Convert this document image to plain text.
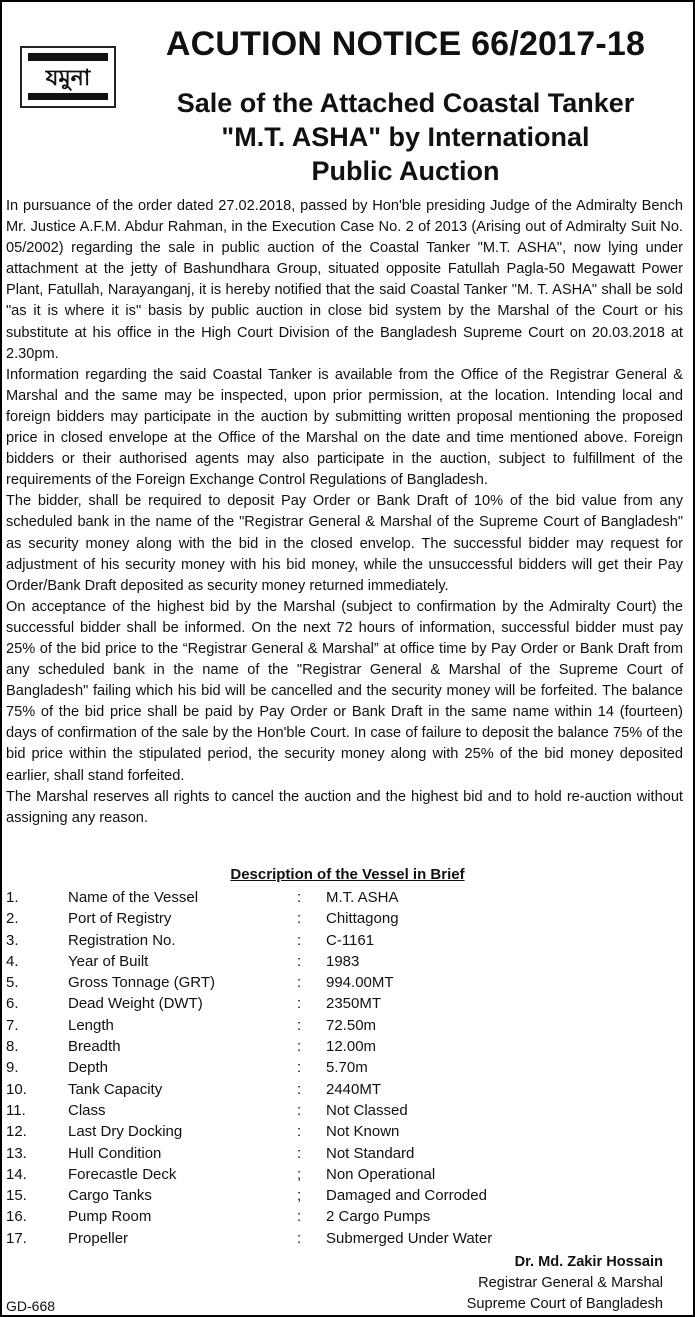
যমুনা
ACUTION NOTICE 66/2017-18
Sale of the Attached Coastal Tanker
"M.T. ASHA" by International
Public Auction

In pursuance of the order dated 27.02.2018, passed by Hon'ble presiding Judge of the Admiralty Bench Mr. Justice A.F.M. Abdur Rahman, in the Execution Case No. 2 of 2013 (Arising out of Admiralty Suit No. 05/2002) regarding the sale in public auction of the Coastal Tanker "M.T. ASHA", now lying under attachment at the jetty of Bashundhara Group, situated opposite Fatullah Pagla-50 Megawatt Power Plant, Fatullah, Narayanganj, it is hereby notified that the said Coastal Tanker "M. T. ASHA" shall be sold "as it is where it is" basis by public auction in close bid system by the Marshal of the Court or his substitute at his office in the High Court Division of the Bangladesh Supreme Court on 20.03.2018 at 2.30pm.

Information regarding the said Coastal Tanker is available from the Office of the Registrar General & Marshal and the same may be inspected, upon prior permission, at the location. Intending local and foreign bidders may participate in the auction by submitting written proposal mentioning the proposed price in closed envelope at the Office of the Marshal on the date and time mentioned above. Foreign bidders or their authorised agents may also participate in the auction, subject to fulfillment of the requirements of the Foreign Exchange Control Regulations of Bangladesh.

The bidder, shall be required to deposit Pay Order or Bank Draft of 10% of the bid value from any scheduled bank in the name of the "Registrar General & Marshal of the Supreme Court of Bangladesh" as security money along with the bid in the closed envelop. The successful bidder may request for adjustment of his security money with his bid money, while the unsuccessful bidders will get their Pay Order/Bank Draft deposited as security money returned immediately.

On acceptance of the highest bid by the Marshal (subject to confirmation by the Admiralty Court) the successful bidder shall be informed. On the next 72 hours of information, successful bidder must pay 25% of the bid price to the “Registrar General & Marshal” at office time by Pay Order or Bank Draft from any scheduled bank in the name of the "Registrar General & Marshal of the Supreme Court of Bangladesh" failing which his bid will be cancelled and the security money will be forfeited. The balance 75% of the bid price shall be paid by Pay Order or Bank Draft in the same name within 14 (fourteen) days of confirmation of the sale by the Hon'ble Court. In case of failure to deposit the balance 75% of the bid price within the stipulated period, the security money along with 25% of the bid money deposited earlier, shall stand forfeited.

The Marshal reserves all rights to cancel the auction and the highest bid and to hold re-auction without assigning any reason.

Description of the Vessel in Brief
1.	Name of the Vessel	: M.T. ASHA
2.	Port of Registry	: Chittagong
3.	Registration No.	: C-1161
4.	Year of Built	: 1983
5.	Gross Tonnage (GRT)	: 994.00MT
6.	Dead Weight (DWT)	: 2350MT
7.	Length	: 72.50m
8.	Breadth	: 12.00m
9.	Depth	: 5.70m
10.	Tank Capacity	: 2440MT
11.	Class	: Not Classed
12.	Last Dry Docking	: Not Known
13.	Hull Condition	: Not Standard
14.	Forecastle Deck	; Non Operational
15.	Cargo Tanks	; Damaged and Corroded
16.	Pump Room	: 2 Cargo Pumps
17.	Propeller	: Submerged Under Water
Dr. Md. Zakir Hossain
Registrar General & Marshal
Supreme Court of Bangladesh
GD-668
